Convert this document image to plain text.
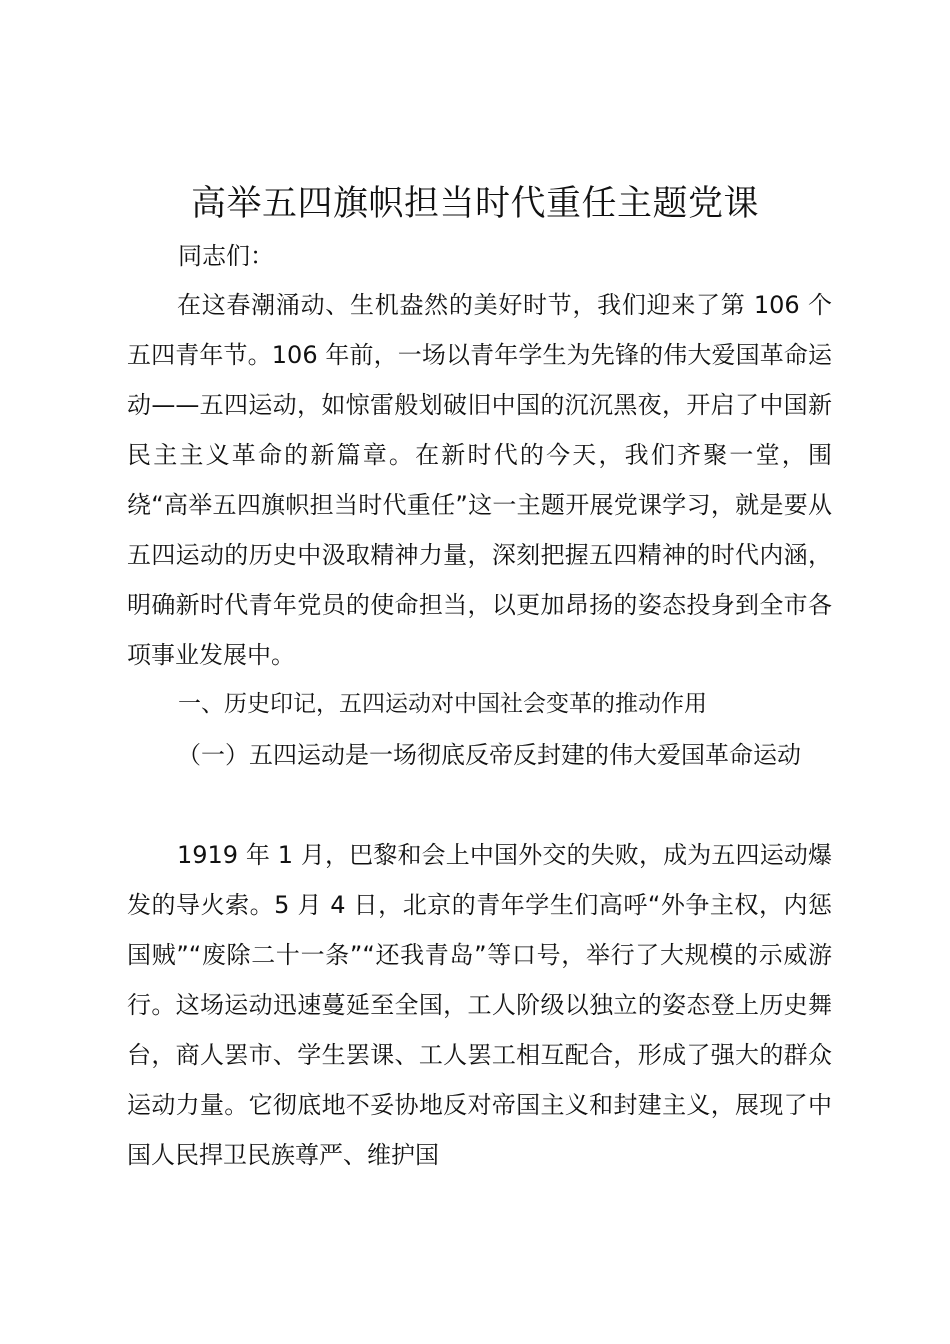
高举五四旗帜担当时代重任主题党课
同志们：

在这春潮涌动、生机盎然的美好时节，我们迎来了第 106 个五四青年节。106 年前，一场以青年学生为先锋的伟大爱国革命运动——五四运动，如惊雷般划破旧中国的沉沉黑夜，开启了中国新民主主义革命的新篇章。在新时代的今天，我们齐聚一堂，围绕“高举五四旗帜担当时代重任”这一主题开展党课学习，就是要从五四运动的历史中汲取精神力量，深刻把握五四精神的时代内涵，明确新时代青年党员的使命担当，以更加昂扬的姿态投身到全市各项事业发展中。

一、历史印记，五四运动对中国社会变革的推动作用

（一）五四运动是一场彻底反帝反封建的伟大爱国革命运动

1919 年 1 月，巴黎和会上中国外交的失败，成为五四运动爆发的导火索。5 月 4 日，北京的青年学生们高呼“外争主权，内惩国贼”“废除二十一条”“还我青岛”等口号，举行了大规模的示威游行。这场运动迅速蔓延至全国，工人阶级以独立的姿态登上历史舞台，商人罢市、学生罢课、工人罢工相互配合，形成了强大的群众运动力量。它彻底地不妥协地反对帝国主义和封建主义，展现了中国人民捍卫民族尊严、维护国
